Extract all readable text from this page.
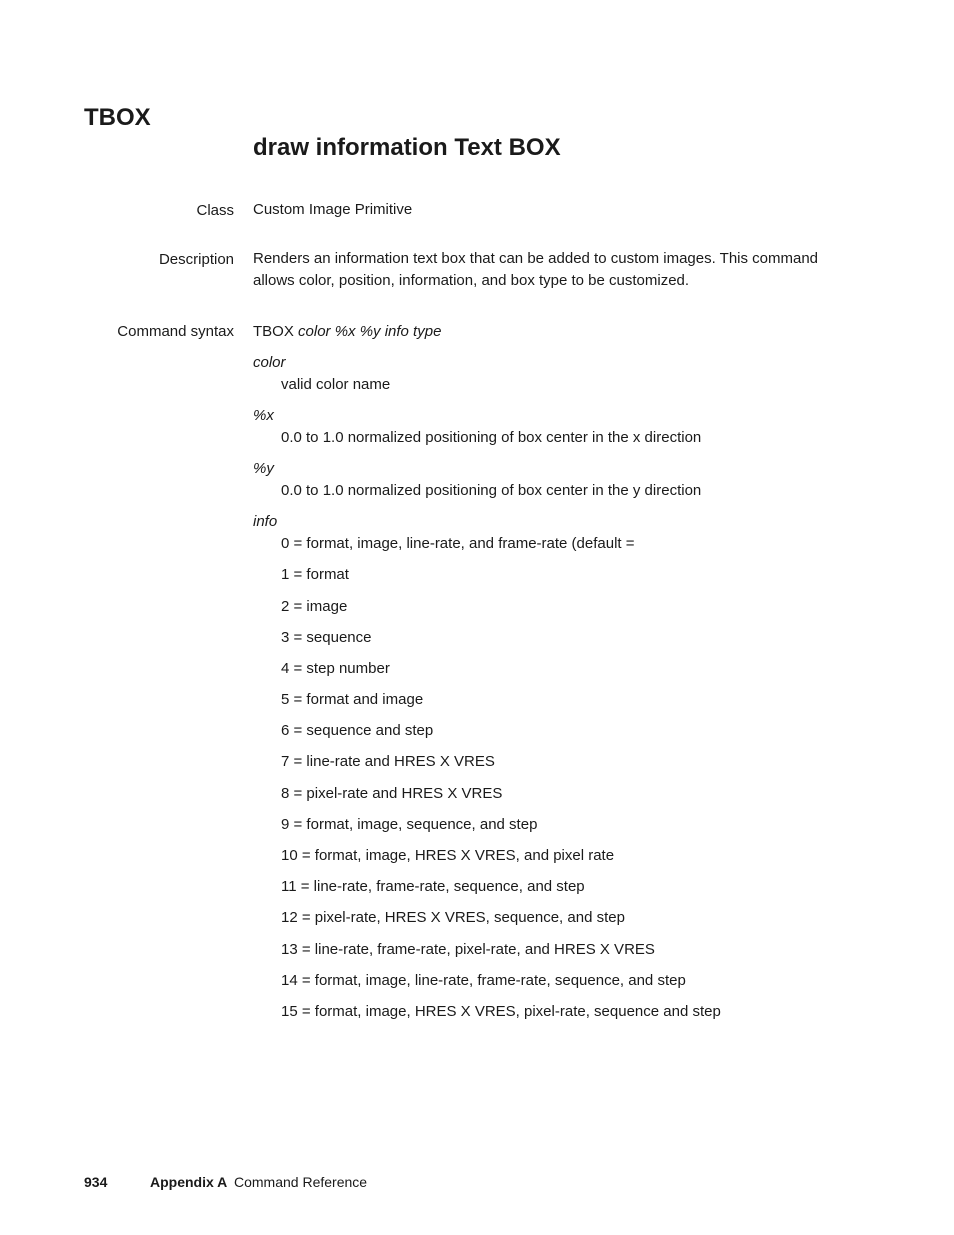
TBOX
draw information Text BOX
Class Custom Image Primitive
Description Renders an information text box that can be added to custom images. This command allows color, position, information, and box type to be customized.
Command syntax TBOX color %x %y info type
color
valid color name
%x
0.0 to 1.0 normalized positioning of box center in the x direction
%y
0.0 to 1.0 normalized positioning of box center in the y direction
info
0 = format, image, line-rate, and frame-rate (default =
1 = format
2 = image
3 = sequence
4 = step number
5 = format and image
6 = sequence and step
7 = line-rate and HRES X VRES
8 = pixel-rate and HRES X VRES
9 = format, image, sequence, and step
10 = format, image, HRES X VRES, and pixel rate
11 = line-rate, frame-rate, sequence, and step
12 = pixel-rate, HRES X VRES, sequence, and step
13 = line-rate, frame-rate, pixel-rate, and HRES X VRES
14 = format, image, line-rate, frame-rate, sequence, and step
15 = format, image, HRES X VRES, pixel-rate, sequence and step
934	Appendix A Command Reference
